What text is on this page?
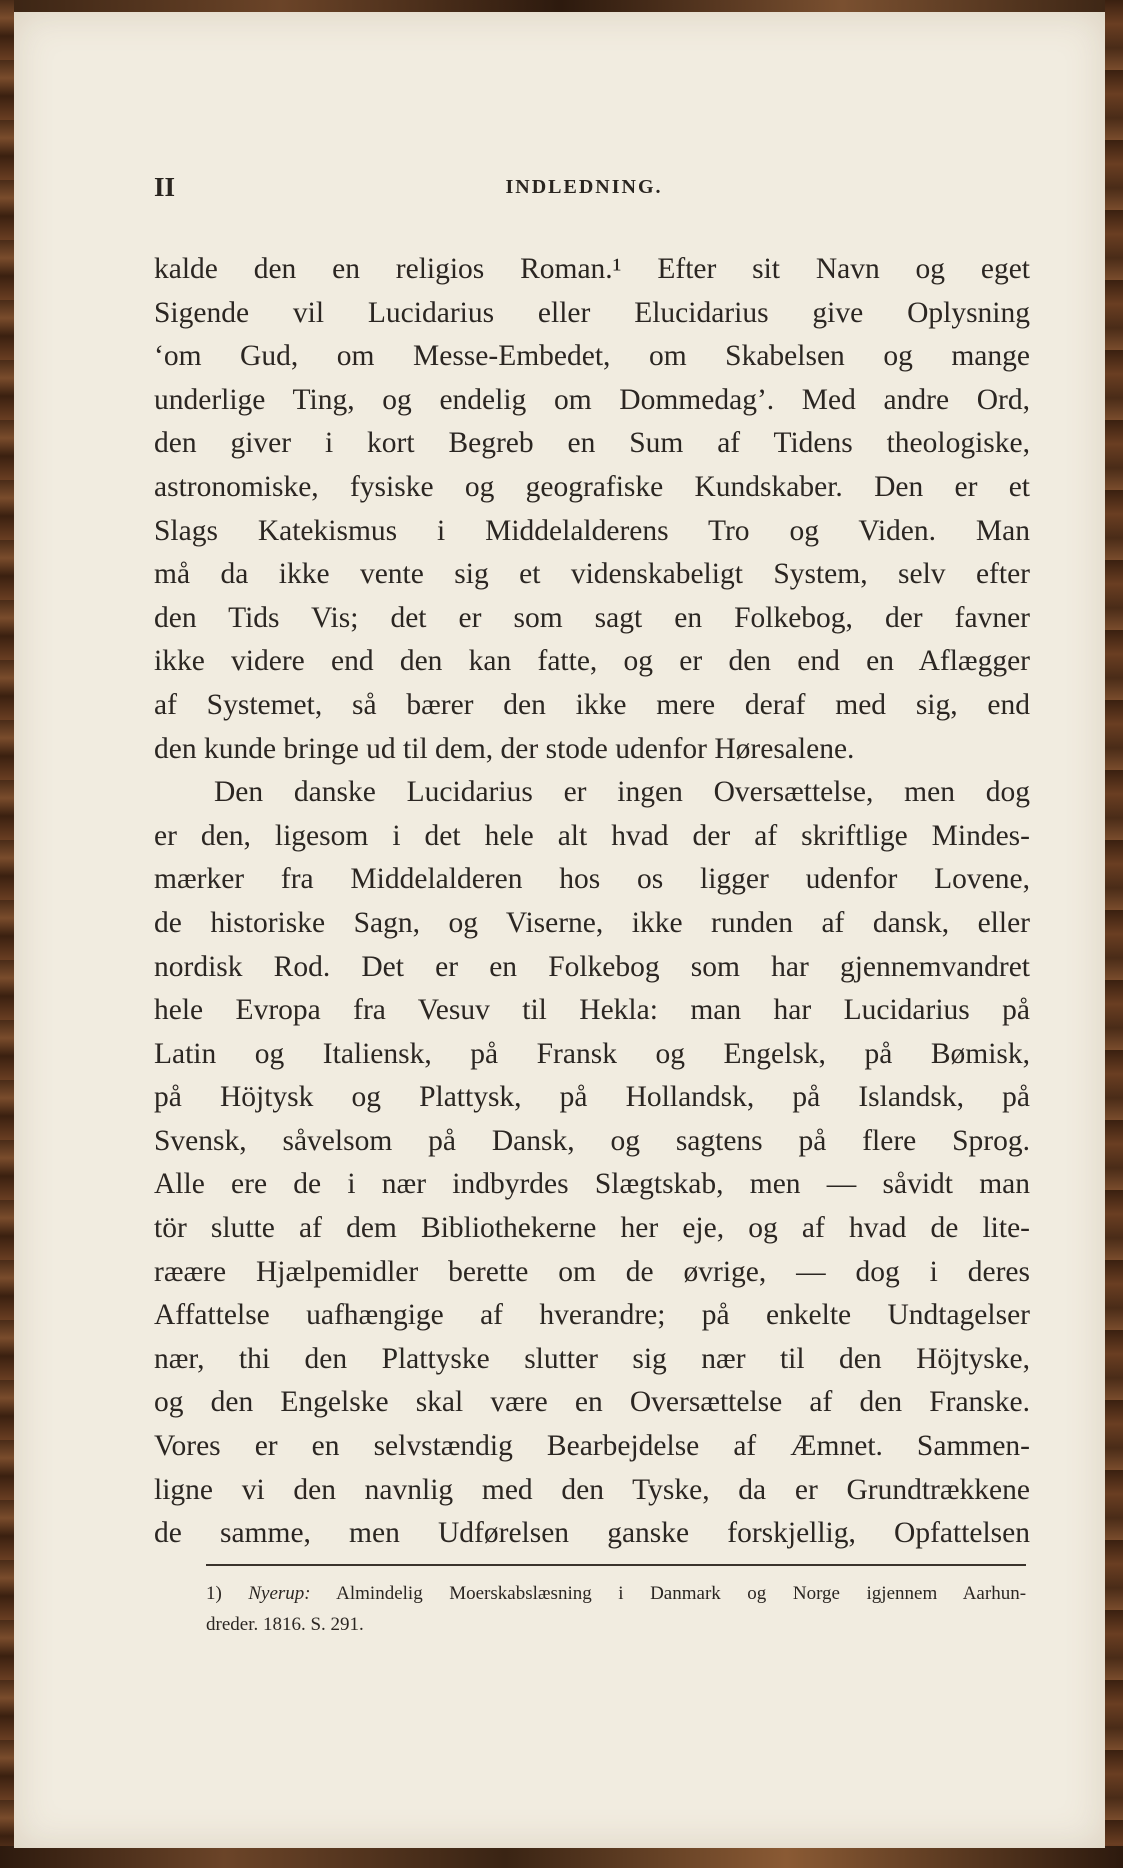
II	INDLEDNING.
kalde den en religios Roman.¹ Efter sit Navn og eget
Sigende vil Lucidarius eller Elucidarius give Oplysning
‘om Gud, om Messe-Embedet, om Skabelsen og mange
underlige Ting, og endelig om Dommedag’. Med andre Ord,
den giver i kort Begreb en Sum af Tidens theologiske,
astronomiske, fysiske og geografiske Kundskaber. Den er et
Slags Katekismus i Middelalderens Tro og Viden. Man
må da ikke vente sig et videnskabeligt System, selv efter
den Tids Vis; det er som sagt en Folkebog, der favner
ikke videre end den kan fatte, og er den end en Aflægger
af Systemet, så bærer den ikke mere deraf med sig, end
den kunde bringe ud til dem, der stode udenfor Høresalene.
Den danske Lucidarius er ingen Oversættelse, men dog
er den, ligesom i det hele alt hvad der af skriftlige Mindes-
mærker fra Middelalderen hos os ligger udenfor Lovene,
de historiske Sagn, og Viserne, ikke runden af dansk, eller
nordisk Rod. Det er en Folkebog som har gjennemvandret
hele Evropa fra Vesuv til Hekla: man har Lucidarius på
Latin og Italiensk, på Fransk og Engelsk, på Bømisk,
på Höjtysk og Plattysk, på Hollandsk, på Islandsk, på
Svensk, såvelsom på Dansk, og sagtens på flere Sprog.
Alle ere de i nær indbyrdes Slægtskab, men — såvidt man
tör slutte af dem Bibliothekerne her eje, og af hvad de lite-
ræære Hjælpemidler berette om de øvrige, — dog i deres
Affattelse uafhængige af hverandre; på enkelte Undtagelser
nær, thi den Plattyske slutter sig nær til den Höjtyske,
og den Engelske skal være en Oversættelse af den Franske.
Vores er en selvstændig Bearbejdelse af Æmnet. Sammen-
ligne vi den navnlig med den Tyske, da er Grundtrækkene
de samme, men Udførelsen ganske forskjellig, Opfattelsen
1) Nyerup: Almindelig Moerskabslæsning i Danmark og Norge igjennem Aarhun-
dreder. 1816. S. 291.
